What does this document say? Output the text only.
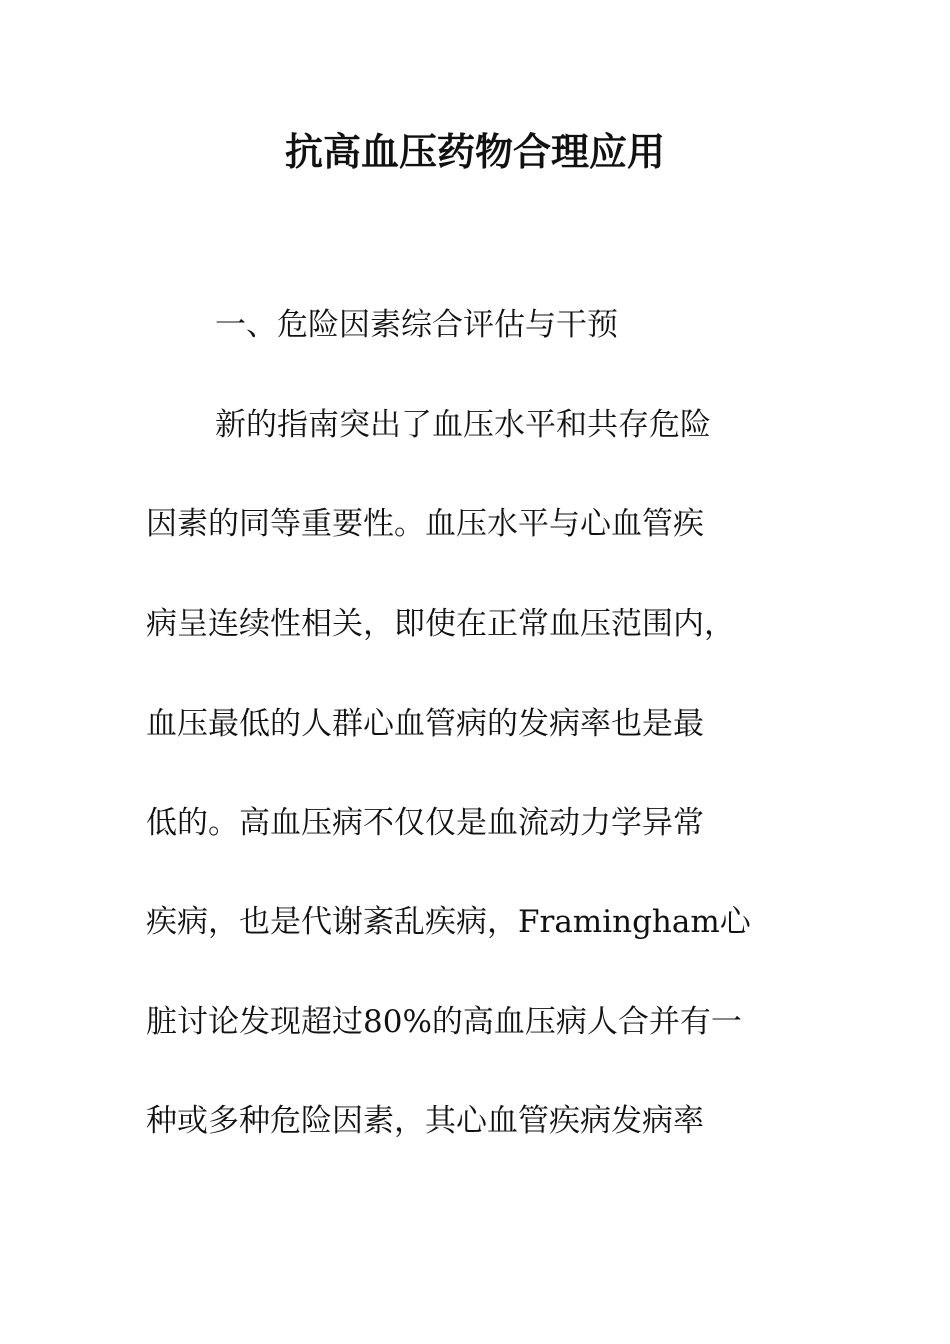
抗高血压药物合理应用
一、危险因素综合评估与干预
新的指南突出了血压水平和共存危险
因素的同等重要性。血压水平与心血管疾
病呈连续性相关，即使在正常血压范围内，
血压最低的人群心血管病的发病率也是最
低的。高血压病不仅仅是血流动力学异常
疾病，也是代谢紊乱疾病，Framingham心
脏讨论发现超过80%的高血压病人合并有一
种或多种危险因素，其心血管疾病发病率
